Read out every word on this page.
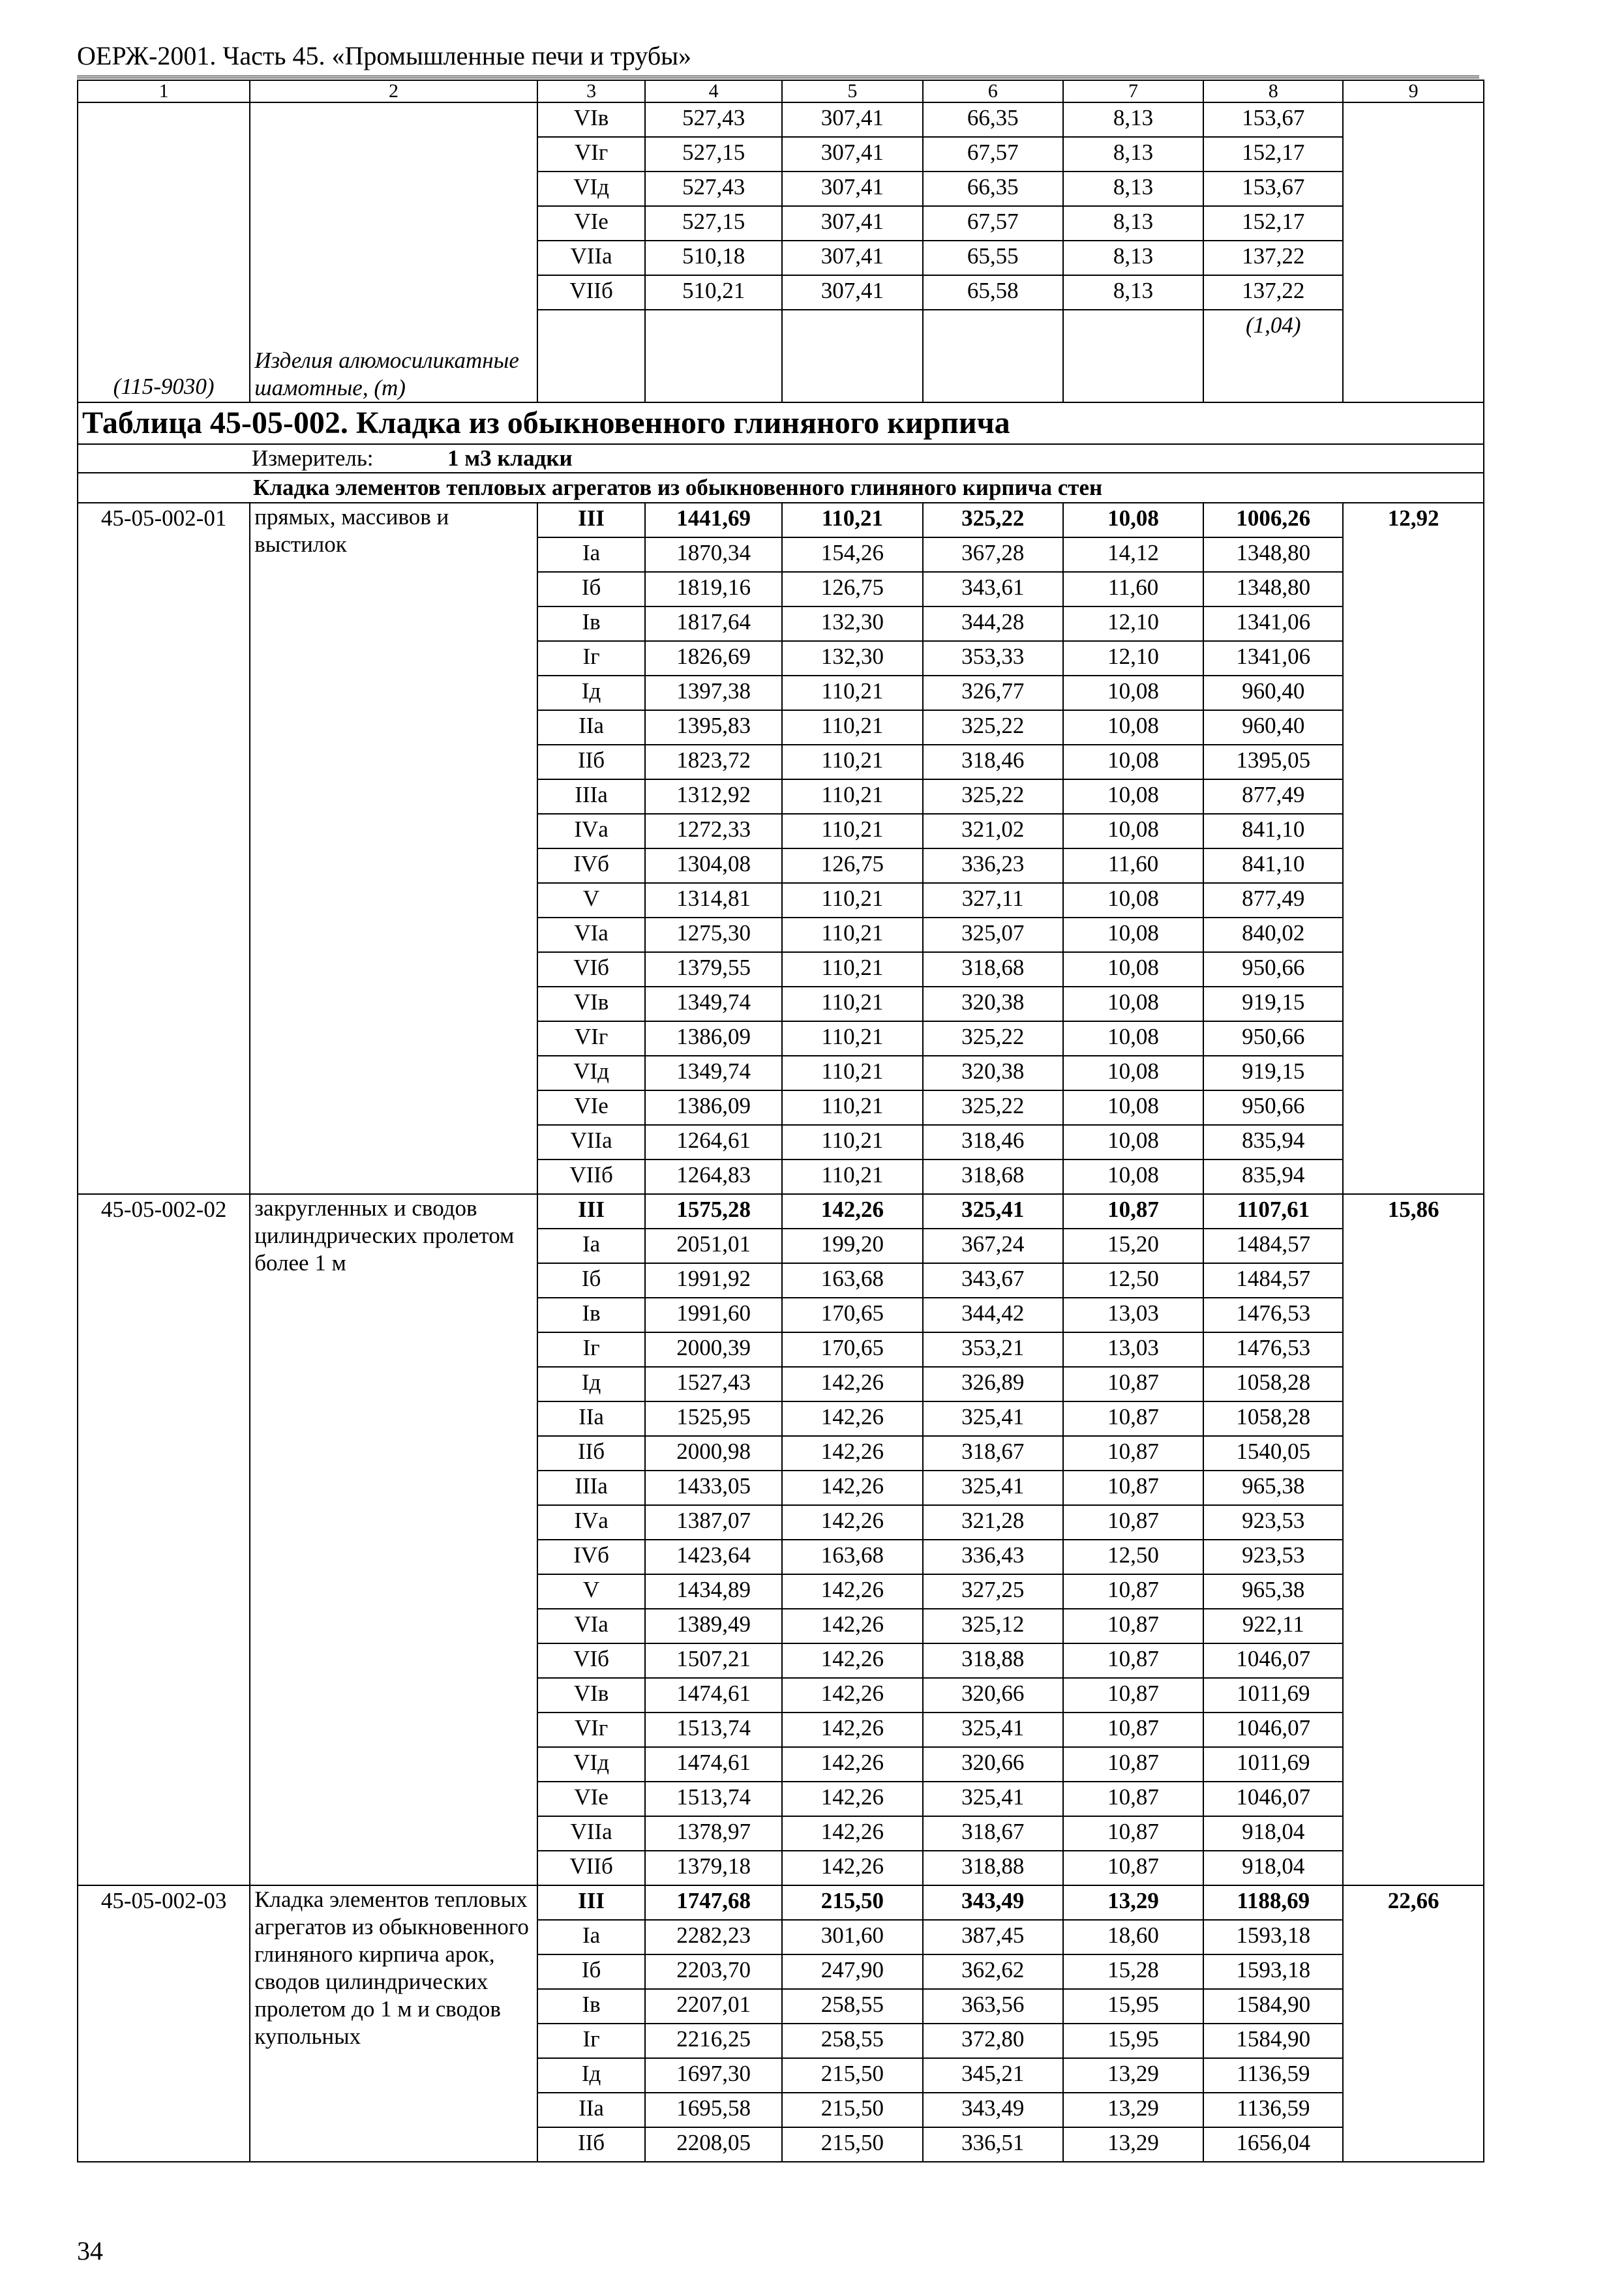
ОЕРЖ-2001. Часть 45. «Промышленные печи и трубы»
1	2	3	4	5	6	7	8	9
(115-9030)	Изделия алюмосиликатные шамотные, (т)	VIв	527,43	307,41	66,35	8,13	153,67	
		VIг	527,15	307,41	67,57	8,13	152,17	
		VIд	527,43	307,41	66,35	8,13	153,67	
		VIе	527,15	307,41	67,57	8,13	152,17	
		VIIа	510,18	307,41	65,55	8,13	137,22	
		VIIб	510,21	307,41	65,58	8,13	137,22	
							(1,04)	
Таблица 45-05-002. Кладка из обыкновенного глиняного кирпича								
Измеритель: 1 м3 кладки								
Кладка элементов тепловых агрегатов из обыкновенного глиняного кирпича стен								
45-05-002-01	прямых, массивов и выстилок	III	1441,69	110,21	325,22	10,08	1006,26	12,92
		Iа	1870,34	154,26	367,28	14,12	1348,80	
		Iб	1819,16	126,75	343,61	11,60	1348,80	
		Iв	1817,64	132,30	344,28	12,10	1341,06	
		Iг	1826,69	132,30	353,33	12,10	1341,06	
		Iд	1397,38	110,21	326,77	10,08	960,40	
		IIа	1395,83	110,21	325,22	10,08	960,40	
		IIб	1823,72	110,21	318,46	10,08	1395,05	
		IIIа	1312,92	110,21	325,22	10,08	877,49	
		IVа	1272,33	110,21	321,02	10,08	841,10	
		IVб	1304,08	126,75	336,23	11,60	841,10	
		V	1314,81	110,21	327,11	10,08	877,49	
		VIа	1275,30	110,21	325,07	10,08	840,02	
		VIб	1379,55	110,21	318,68	10,08	950,66	
		VIв	1349,74	110,21	320,38	10,08	919,15	
		VIг	1386,09	110,21	325,22	10,08	950,66	
		VIд	1349,74	110,21	320,38	10,08	919,15	
		VIе	1386,09	110,21	325,22	10,08	950,66	
		VIIа	1264,61	110,21	318,46	10,08	835,94	
		VIIб	1264,83	110,21	318,68	10,08	835,94	
45-05-002-02	закругленных и сводов цилиндрических пролетом более 1 м	III	1575,28	142,26	325,41	10,87	1107,61	15,86
		Iа	2051,01	199,20	367,24	15,20	1484,57	
		Iб	1991,92	163,68	343,67	12,50	1484,57	
		Iв	1991,60	170,65	344,42	13,03	1476,53	
		Iг	2000,39	170,65	353,21	13,03	1476,53	
		Iд	1527,43	142,26	326,89	10,87	1058,28	
		IIа	1525,95	142,26	325,41	10,87	1058,28	
		IIб	2000,98	142,26	318,67	10,87	1540,05	
		IIIа	1433,05	142,26	325,41	10,87	965,38	
		IVа	1387,07	142,26	321,28	10,87	923,53	
		IVб	1423,64	163,68	336,43	12,50	923,53	
		V	1434,89	142,26	327,25	10,87	965,38	
		VIа	1389,49	142,26	325,12	10,87	922,11	
		VIб	1507,21	142,26	318,88	10,87	1046,07	
		VIв	1474,61	142,26	320,66	10,87	1011,69	
		VIг	1513,74	142,26	325,41	10,87	1046,07	
		VIд	1474,61	142,26	320,66	10,87	1011,69	
		VIе	1513,74	142,26	325,41	10,87	1046,07	
		VIIа	1378,97	142,26	318,67	10,87	918,04	
		VIIб	1379,18	142,26	318,88	10,87	918,04	
45-05-002-03	Кладка элементов тепловых агрегатов из обыкновенного глиняного кирпича арок, сводов цилиндрических пролетом до 1 м и сводов купольных	III	1747,68	215,50	343,49	13,29	1188,69	22,66
		Iа	2282,23	301,60	387,45	18,60	1593,18	
		Iб	2203,70	247,90	362,62	15,28	1593,18	
		Iв	2207,01	258,55	363,56	15,95	1584,90	
		Iг	2216,25	258,55	372,80	15,95	1584,90	
		Iд	1697,30	215,50	345,21	13,29	1136,59	
		IIа	1695,58	215,50	343,49	13,29	1136,59	
		IIб	2208,05	215,50	336,51	13,29	1656,04	
34
